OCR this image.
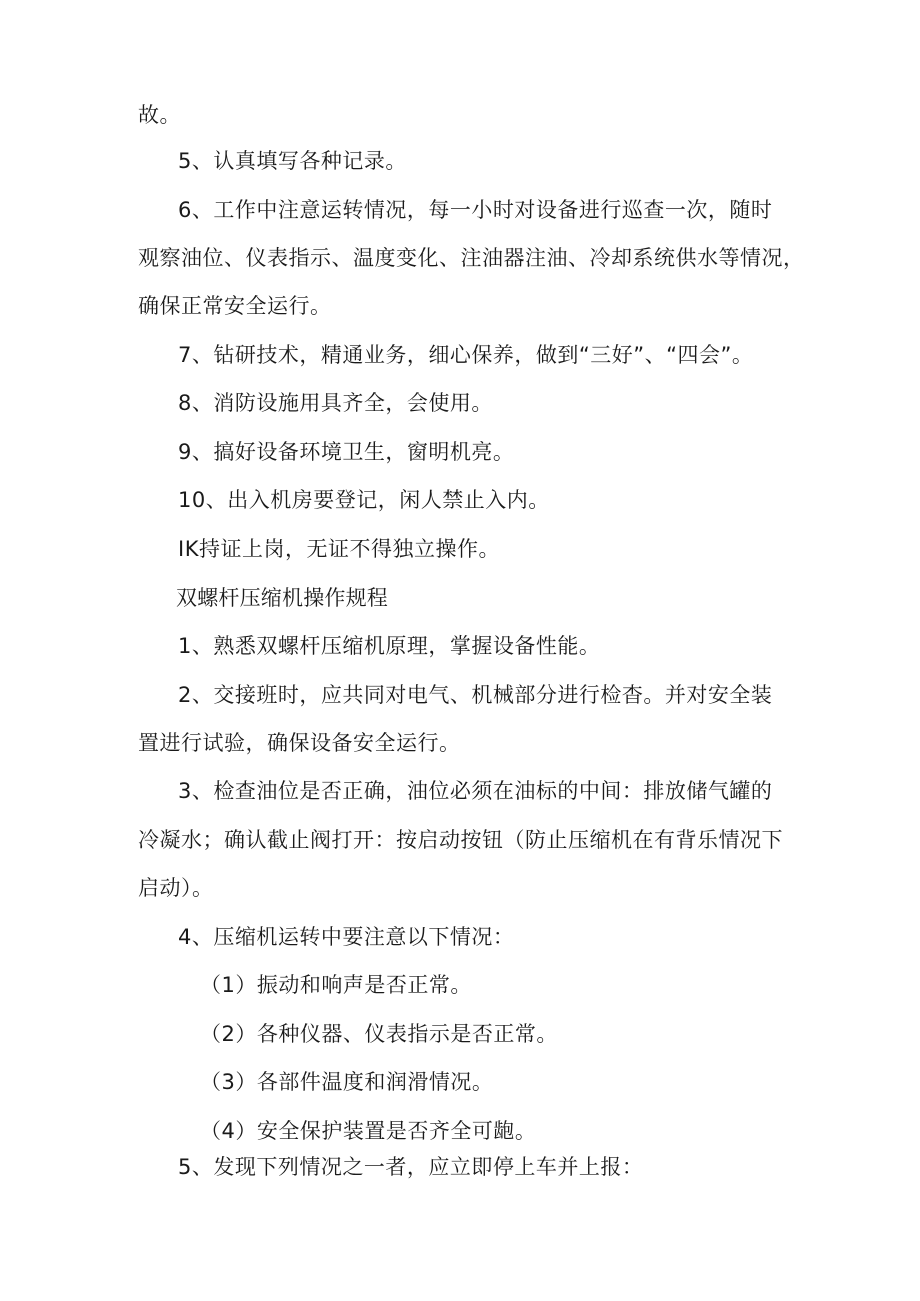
故。
5、认真填写各种记录。
6、工作中注意运转情况，每一小时对设备进行巡查一次，随时
观察油位、仪表指示、温度变化、注油器注油、冷却系统供水等情况，
确保正常安全运行。
7、钻研技术，精通业务，细心保养，做到“三好”、“四会”。
8、消防设施用具齐全，会使用。
9、搞好设备环境卫生，窗明机亮。
10、出入机房要登记，闲人禁止入内。
IK持证上岗，无证不得独立操作。
双螺杆压缩机操作规程
1、熟悉双螺杆压缩机原理，掌握设备性能。
2、交接班时，应共同对电气、机械部分进行检杳。并对安全装
置进行试验，确保设备安全运行。
3、检查油位是否正确，油位必须在油标的中间：排放储气罐的
冷凝水；确认截止阀打开：按启动按钮（防止压缩机在有背乐情况下
启动）。
4、压缩机运转中要注意以下情况：
（1）振动和响声是否正常。
（2）各种仪器、仪表指示是否正常。
（3）各部件温度和润滑情况。
（4）安全保护装置是否齐全可龅。
5、发现下列情况之一者，应立即停上车并上报：
